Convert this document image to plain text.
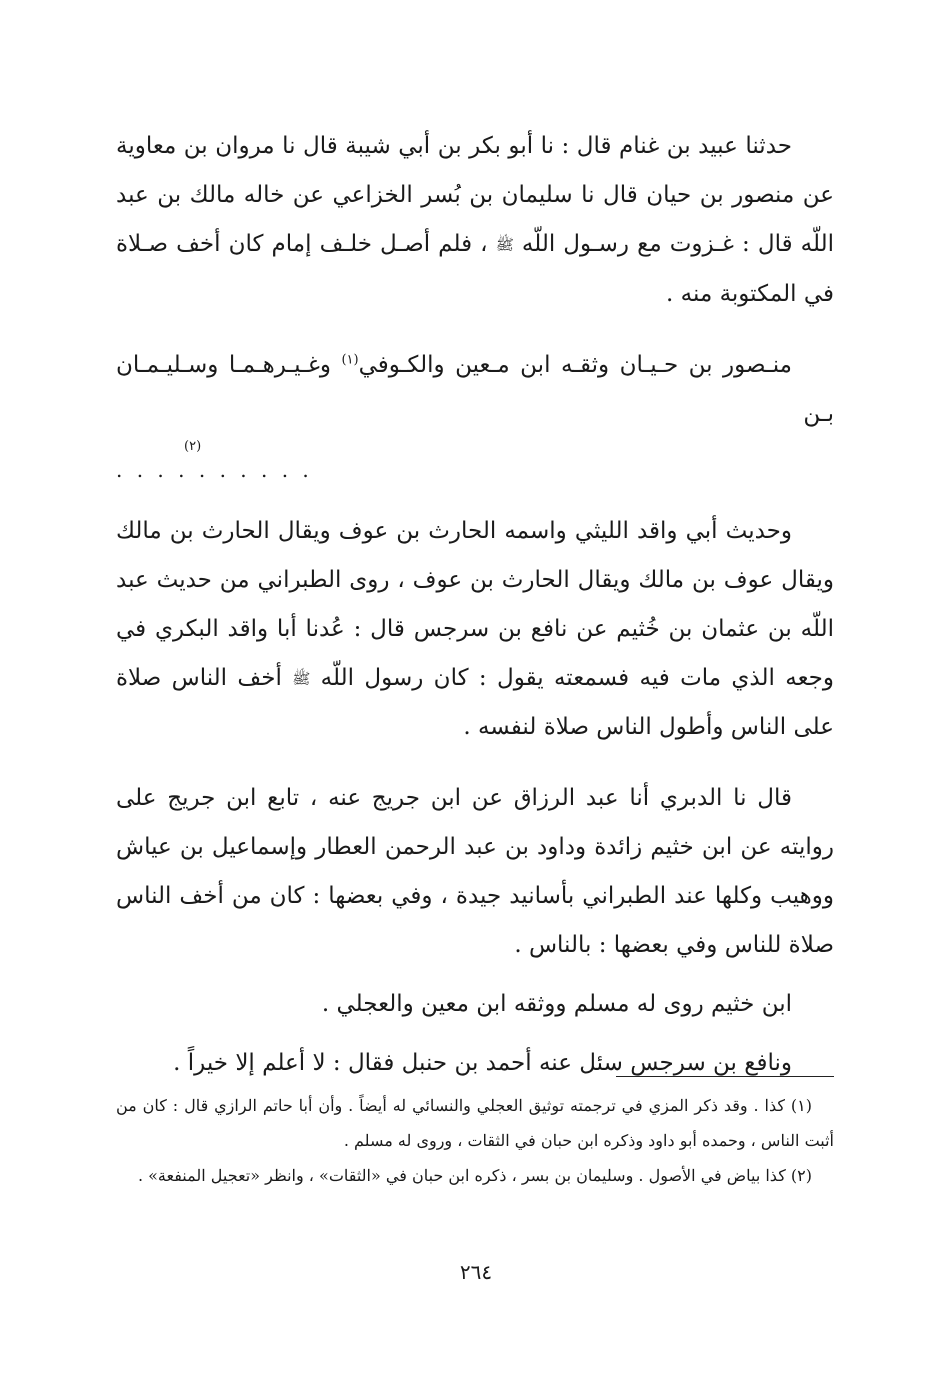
حدثنا عبيد بن غنام قال : نا أبو بكر بن أبي شيبة قال نا مروان بن معاوية عن منصور بن حيان قال نا سليمان بن بُسر الخزاعي عن خاله مالك بن عبد اللّه قال : غـزوت مع رسـول اللّه ﷺ ، فلم أصـل خلـف إمام كان أخف صـلاة في المكتوبة منه .

منـصور بن حـيـان وثقـه ابن مـعين والكـوفي$^{(١)}$ وغـيـرهـمـا وسـليـمـان بـن

(٢)

. . . . . . . . . .

وحديث أبي واقد الليثي واسمه الحارث بن عوف ويقال الحارث بن مالك ويقال عوف بن مالك ويقال الحارث بن عوف ، روى الطبراني من حديث عبد اللّه بن عثمان بن خُثيم عن نافع بن سرجس قال : عُدنا أبا واقد البكري في وجعه الذي مات فيه فسمعته يقول : كان رسول اللّه ﷺ أخف الناس صلاة على الناس وأطول الناس صلاة لنفسه .

قال نا الدبري أنا عبد الرزاق عن ابن جريج عنه ، تابع ابن جريج على روايته عن ابن خثيم زائدة وداود بن عبد الرحمن العطار وإسماعيل بن عياش ووهيب وكلها عند الطبراني بأسانيد جيدة ، وفي بعضها : كان من أخف الناس صلاة للناس وفي بعضها : بالناس .

ابن خثيم روى له مسلم ووثقه ابن معين والعجلي .

ونافع بن سرجس سئل عنه أحمد بن حنبل فقال : لا أعلم إلا خيراً .

(١) كذا . وقد ذكر المزي في ترجمته توثيق العجلي والنسائي له أيضاً . وأن أبا حاتم الرازي قال : كان من أثبت الناس ، وحمده أبو داود وذكره ابن حبان في الثقات ، وروى له مسلم .

(٢) كذا بياض في الأصول . وسليمان بن بسر ، ذكره ابن حبان في «الثقات» ، وانظر «تعجيل المنفعة» .

٢٦٤
